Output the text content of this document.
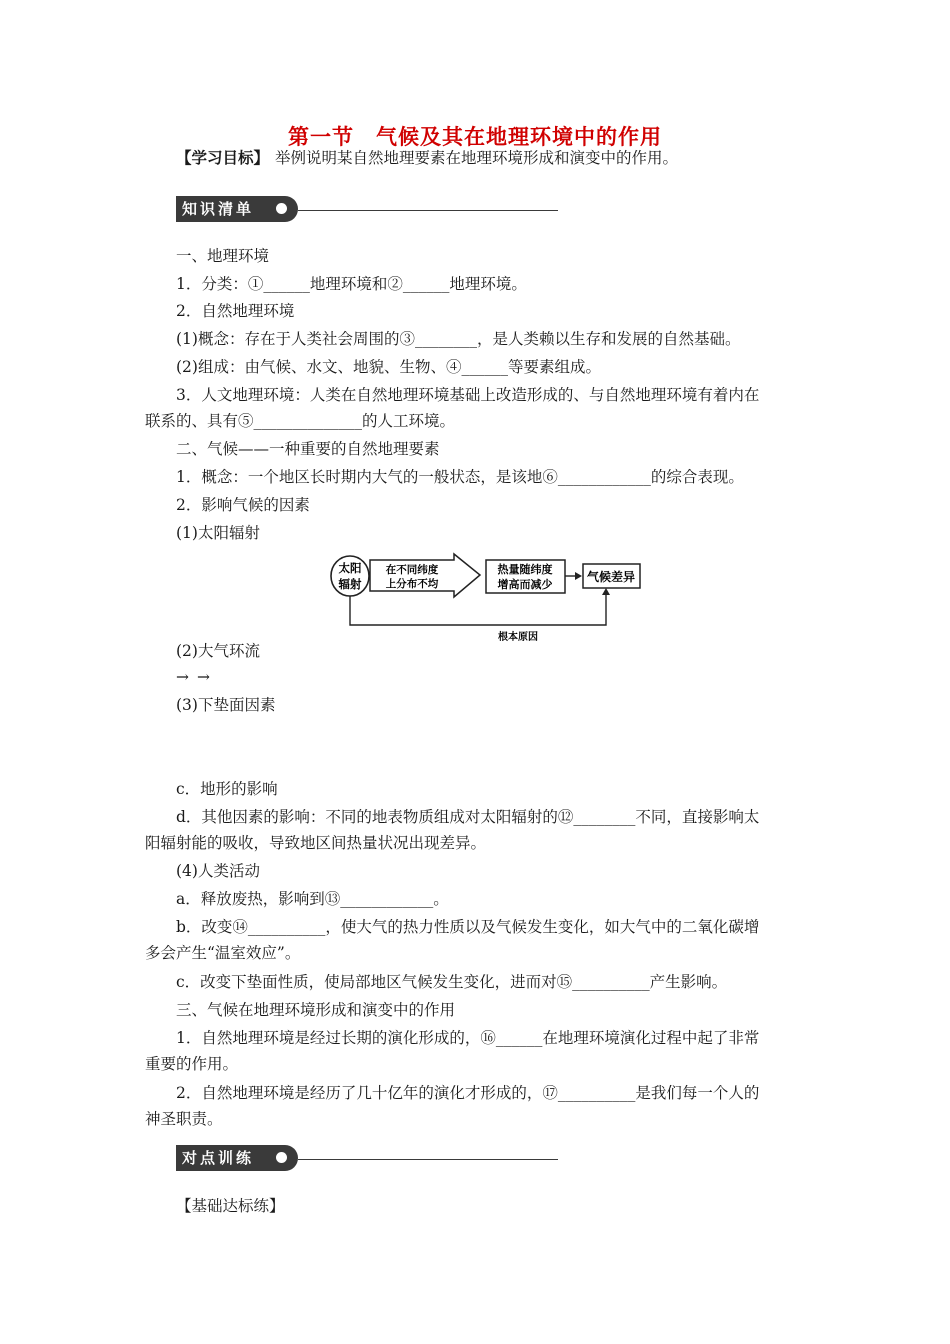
第一节　气候及其在地理环境中的作用
【学习目标】 举例说明某自然地理要素在地理环境形成和演变中的作用。
知识清单
一、地理环境
1．分类：①______地理环境和②______地理环境。
2．自然地理环境
(1)概念：存在于人类社会周围的③________，是人类赖以生存和发展的自然基础。
(2)组成：由气候、水文、地貌、生物、④______等要素组成。
3．人文地理环境：人类在自然地理环境基础上改造形成的、与自然地理环境有着内在
联系的、具有⑤______________的人工环境。
二、气候——一种重要的自然地理要素
1．概念：一个地区长时期内大气的一般状态，是该地⑥____________的综合表现。
2．影响气候的因素
(1)太阳辐射
太阳
辐射
在不同纬度
上分布不均
热量随纬度
增高而减少
气候差异
根本原因
(2)大气环流
→→
(3)下垫面因素
c．地形的影响
d．其他因素的影响：不同的地表物质组成对太阳辐射的⑫________不同，直接影响太
阳辐射能的吸收，导致地区间热量状况出现差异。
(4)人类活动
a．释放废热，影响到⑬____________。
b．改变⑭__________，使大气的热力性质以及气候发生变化，如大气中的二氧化碳增
多会产生“温室效应”。
c．改变下垫面性质，使局部地区气候发生变化，进而对⑮__________产生影响。
三、气候在地理环境形成和演变中的作用
1．自然地理环境是经过长期的演化形成的，⑯______在地理环境演化过程中起了非常
重要的作用。
2．自然地理环境是经历了几十亿年的演化才形成的，⑰__________是我们每一个人的
神圣职责。
对点训练
【基础达标练】
